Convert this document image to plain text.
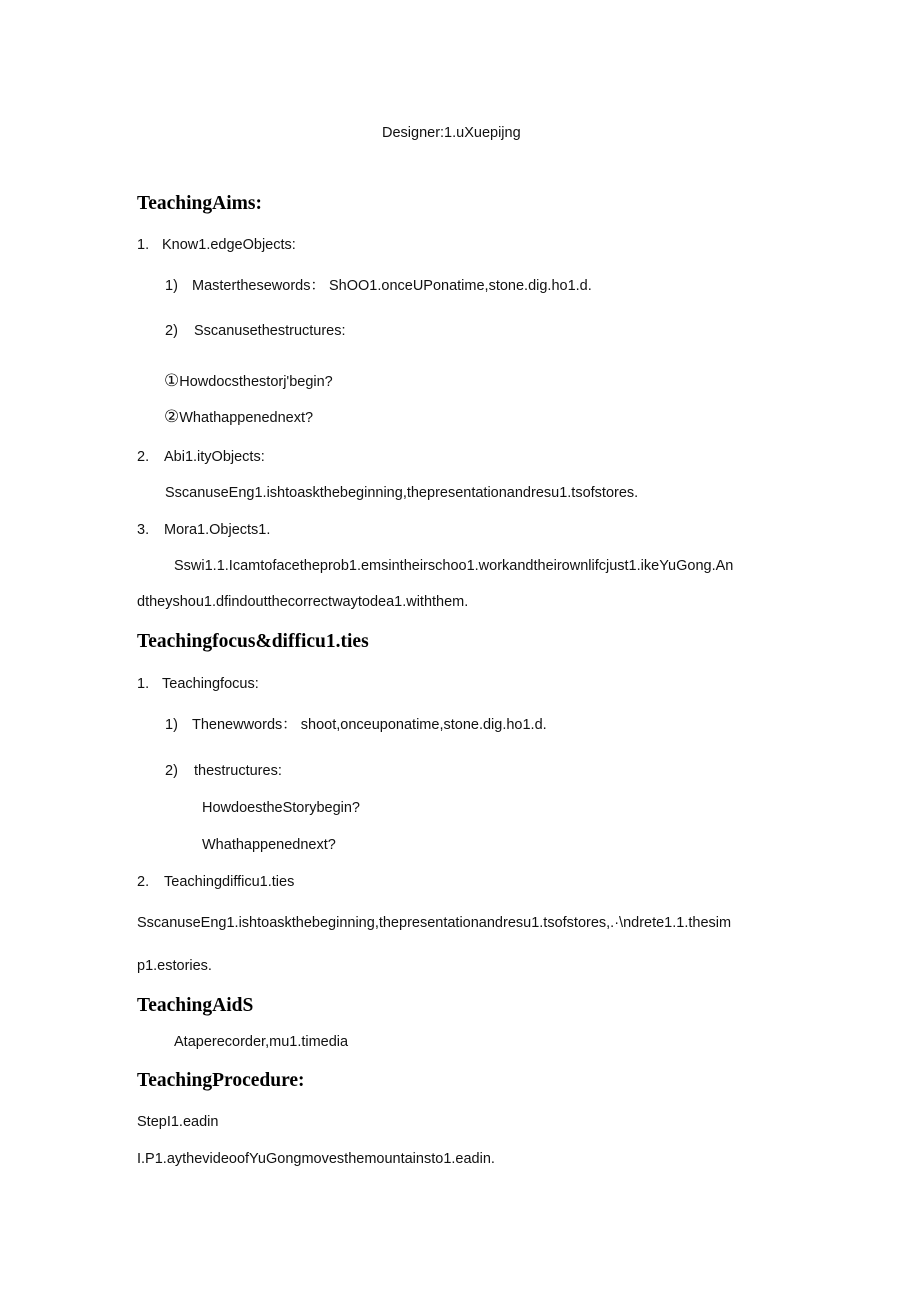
Designer:1.uXuepijng
TeachingAims:
1. Know1.edgeObjects:
1) Masterthesewords： ShOO1.onceUPonatime,stone.dig.ho1.d.
2) Sscanusethestructures:
①Howdocsthestorj'begin?
②Whathappenednext?
2. Abi1.ityObjects:
SscanuseEng1.ishtoaskthebeginning,thepresentationandresu1.tsofstores.
3. Mora1.Objects1.
Sswi1.1.Icamtofacetheprob1.emsintheirschoo1.workandtheirownlifcjust1.ikeYuGong.An
dtheyshou1.dfindoutthecorrectwaytodea1.withthem.
Teachingfocus&difficu1.ties
1. Teachingfocus:
1) Thenewwords： shoot,onceuponatime,stone.dig.ho1.d.
2) thestructures:
HowdoestheStorybegin?
Whathappenednext?
2. Teachingdifficu1.ties
SscanuseEng1.ishtoaskthebeginning,thepresentationandresu1.tsofstores,.·\ndrete1.1.thesim
p1.estories.
TeachingAidS
Ataperecorder,mu1.timedia
TeachingProcedure:
StepI1.eadin
I.P1.aythevideoofYuGongmovesthemountainsto1.eadin.
